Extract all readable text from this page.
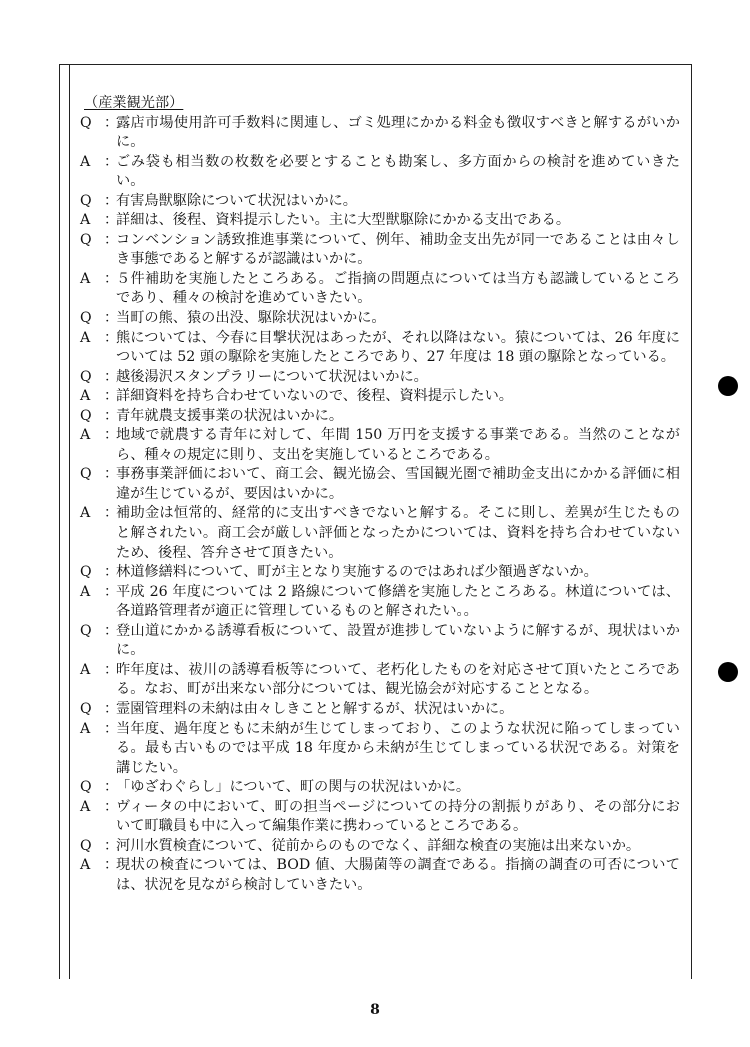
（産業観光部）
Q ：
露店市場使用許可手数料に関連し、ゴミ処理にかかる料金も徴収すべきと解するがいかに。
A ：
ごみ袋も相当数の枚数を必要とすることも勘案し、多方面からの検討を進めていきたい。
Q ：
有害鳥獣駆除について状況はいかに。
A ：
詳細は、後程、資料提示したい。主に大型獣駆除にかかる支出である。
Q ：
コンベンション誘致推進事業について、例年、補助金支出先が同一であることは由々しき事態であると解するが認識はいかに。
A ：
５件補助を実施したところある。ご指摘の問題点については当方も認識しているところであり、種々の検討を進めていきたい。
Q ：
当町の熊、猿の出没、駆除状況はいかに。
A ：
熊については、今春に目撃状況はあったが、それ以降はない。猿については、26 年度については 52 頭の駆除を実施したところであり、27 年度は 18 頭の駆除となっている。
Q ：
越後湯沢スタンプラリーについて状況はいかに。
A ：
詳細資料を持ち合わせていないので、後程、資料提示したい。
Q ：
青年就農支援事業の状況はいかに。
A ：
地域で就農する青年に対して、年間 150 万円を支援する事業である。当然のことながら、種々の規定に則り、支出を実施しているところである。
Q ：
事務事業評価において、商工会、観光協会、雪国観光圏で補助金支出にかかる評価に相違が生じているが、要因はいかに。
A ：
補助金は恒常的、経常的に支出すべきでないと解する。そこに則し、差異が生じたものと解されたい。商工会が厳しい評価となったかについては、資料を持ち合わせていないため、後程、答弁させて頂きたい。
Q ：
林道修繕料について、町が主となり実施するのではあれば少額過ぎないか。
A ：
平成 26 年度については 2 路線について修繕を実施したところある。林道については、各道路管理者が適正に管理しているものと解されたい。。
Q ：
登山道にかかる誘導看板について、設置が進捗していないように解するが、現状はいかに。
A ：
昨年度は、祓川の誘導看板等について、老朽化したものを対応させて頂いたところである。なお、町が出来ない部分については、観光協会が対応することとなる。
Q ：
霊園管理料の未納は由々しきことと解するが、状況はいかに。
A ：
当年度、過年度ともに未納が生じてしまっており、このような状況に陥ってしまっている。最も古いものでは平成 18 年度から未納が生じてしまっている状況である。対策を講じたい。
Q ：
「ゆざわぐらし」について、町の関与の状況はいかに。
A ：
ヴィータの中において、町の担当ページについての持分の割振りがあり、その部分において町職員も中に入って編集作業に携わっているところである。
Q ：
河川水質検査について、従前からのものでなく、詳細な検査の実施は出来ないか。
A ：
現状の検査については、BOD 値、大腸菌等の調査である。指摘の調査の可否については、状況を見ながら検討していきたい。
8
